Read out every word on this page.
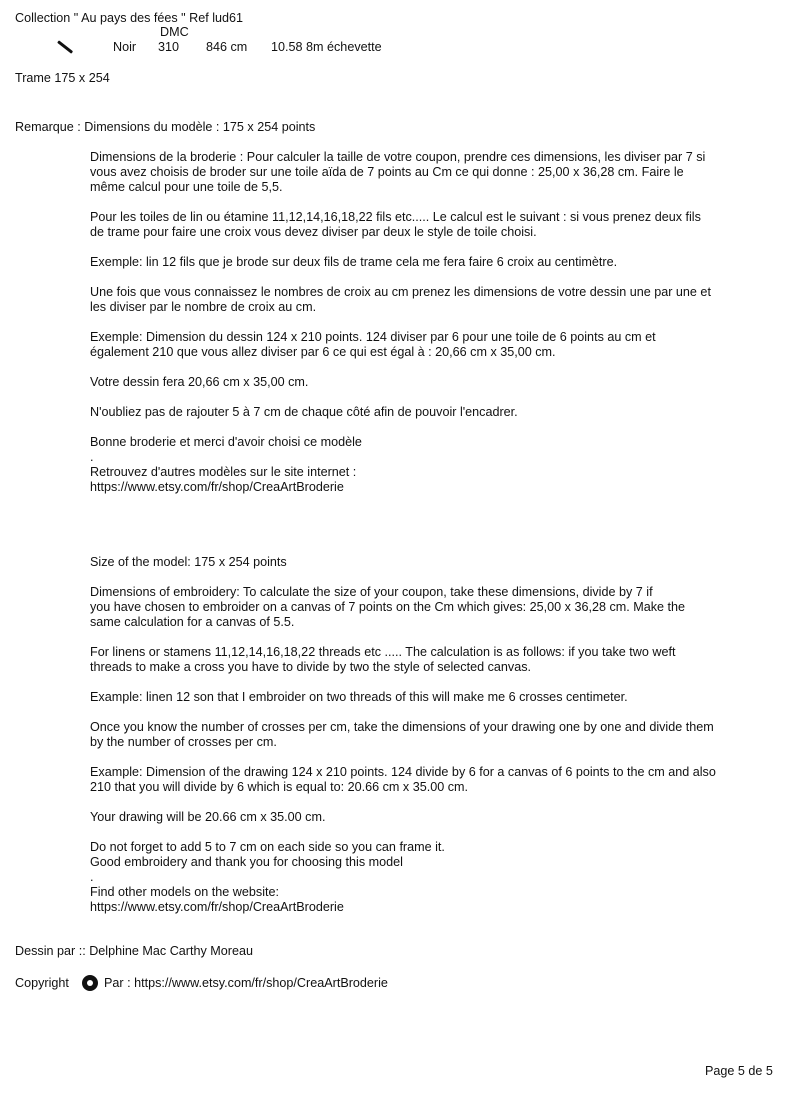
Collection " Au pays des fées " Ref lud61
DMC
Noir 310 846 cm 10.58 8m échevette
Trame 175 x 254
Remarque : Dimensions du modèle : 175 x 254 points
Dimensions de la broderie : Pour calculer la taille de votre coupon, prendre ces dimensions, les diviser par 7 si
vous avez choisis de broder sur une toile aïda de 7 points au Cm ce qui donne : 25,00 x 36,28 cm. Faire le
même calcul pour une toile de 5,5.
Pour les toiles de lin ou étamine 11,12,14,16,18,22 fils etc..... Le calcul est le suivant : si vous prenez deux fils
de trame pour faire une croix vous devez diviser par deux le style de toile choisi.
Exemple: lin 12 fils que je brode sur deux fils de trame cela me fera faire 6 croix au centimètre.
Une fois que vous connaissez le nombres de croix au cm prenez les dimensions de votre dessin une par une et
les diviser par le nombre de croix au cm.
Exemple: Dimension du dessin 124 x 210 points. 124 diviser par 6 pour une toile de 6 points au cm et
également 210 que vous allez diviser par 6 ce qui est égal à : 20,66 cm x 35,00 cm.
Votre dessin fera 20,66 cm x 35,00 cm.
N'oubliez pas de rajouter 5 à 7 cm de chaque côté afin de pouvoir l'encadrer.
Bonne broderie et merci d'avoir choisi ce modèle
.
Retrouvez d'autres modèles sur le site internet :
https://www.etsy.com/fr/shop/CreaArtBroderie
Size of the model: 175 x 254 points
Dimensions of embroidery: To calculate the size of your coupon, take these dimensions, divide by 7 if
you have chosen to embroider on a canvas of 7 points on the Cm which gives: 25,00 x 36,28 cm. Make the
same calculation for a canvas of 5.5.
For linens or stamens 11,12,14,16,18,22 threads etc ..... The calculation is as follows: if you take two weft
threads to make a cross you have to divide by two the style of selected canvas.
Example: linen 12 son that I embroider on two threads of this will make me 6 crosses centimeter.
Once you know the number of crosses per cm, take the dimensions of your drawing one by one and divide them
by the number of crosses per cm.
Example: Dimension of the drawing 124 x 210 points. 124 divide by 6 for a canvas of 6 points to the cm and also
210 that you will divide by 6 which is equal to: 20.66 cm x 35.00 cm.
Your drawing will be 20.66 cm x 35.00 cm.
Do not forget to add 5 to 7 cm on each side so you can frame it.
Good embroidery and thank you for choosing this model
.
Find other models on the website:
https://www.etsy.com/fr/shop/CreaArtBroderie
Dessin par :: Delphine Mac Carthy Moreau
Copyright	Par : https://www.etsy.com/fr/shop/CreaArtBroderie
Page 5 de 5
